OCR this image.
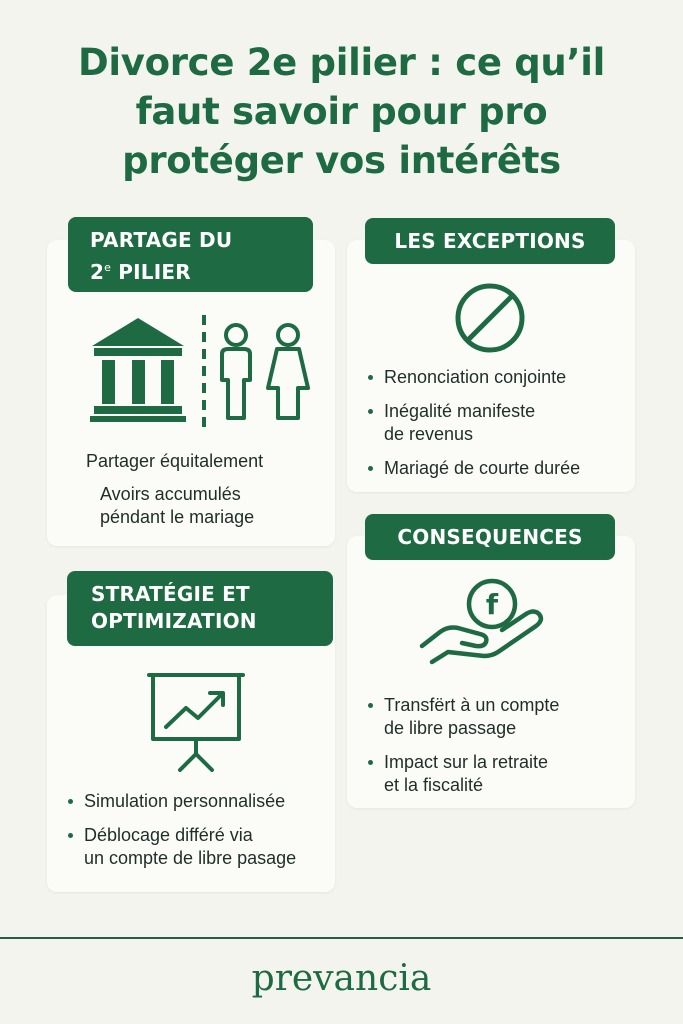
Divorce 2e pilier : ce qu’il
faut savoir pour pro
protéger vos intérêts
PARTAGE DU
2e PILIER
Partager équitalement
Avoirs accumulés
péndant le mariage
LES EXCEPTIONS
Renonciation conjointe
Inégalité manifeste
de revenus
Mariagé de courte durée
STRATÉGIE ET
OPTIMIZATION
Simulation personnalisée
Déblocage différé via
un compte de libre pasage
CONSEQUENCES
f
Transfërt à un compte
de libre passage
Impact sur la retraite
et la fiscalité
prevancia
